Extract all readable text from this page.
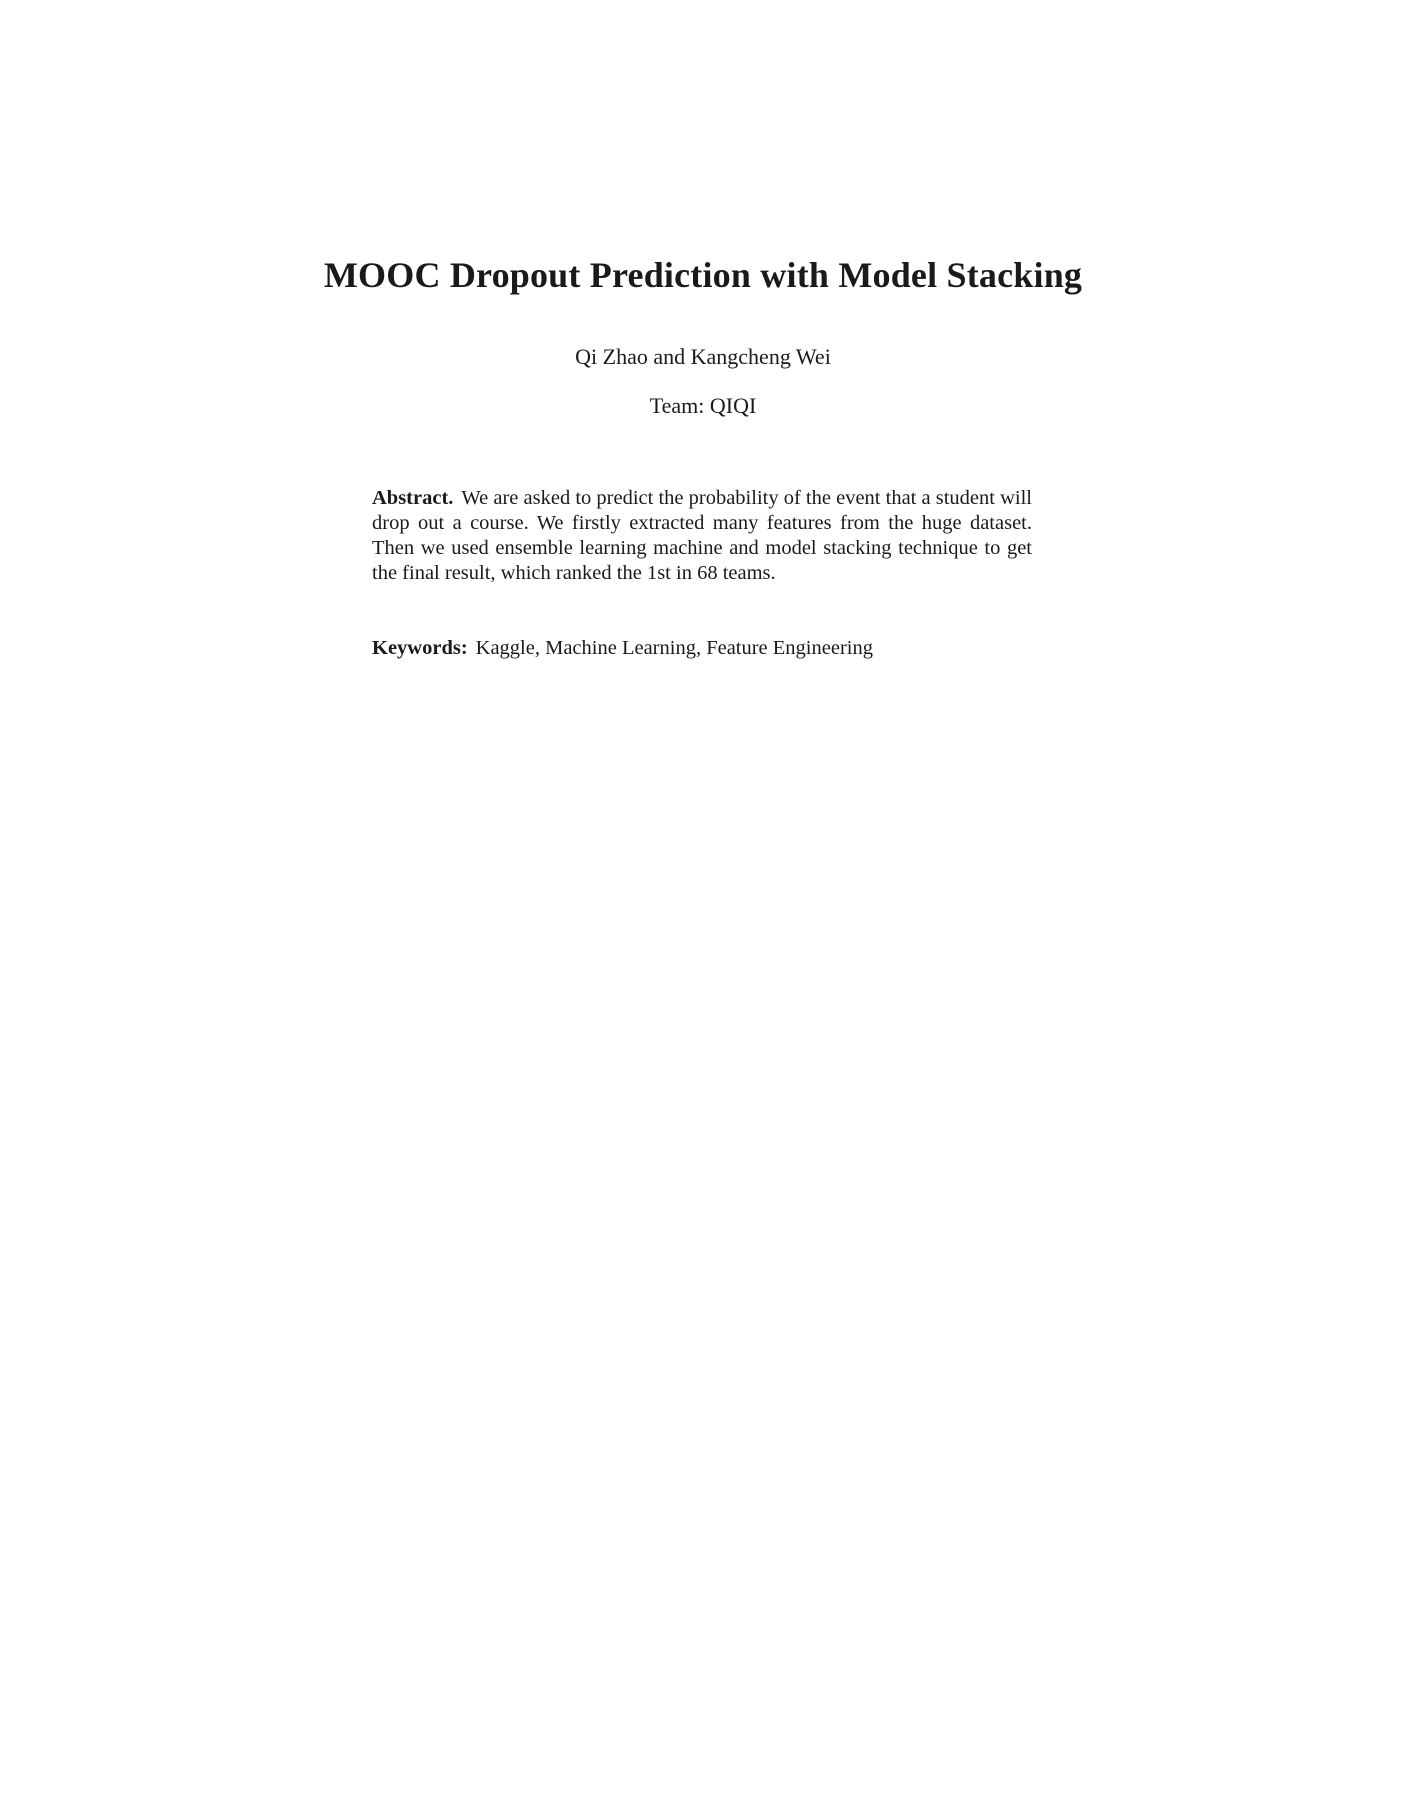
MOOC Dropout Prediction with Model Stacking
Qi Zhao and Kangcheng Wei
Team: QIQI
Abstract. We are asked to predict the probability of the event that a student will drop out a course. We firstly extracted many features from the huge dataset. Then we used ensemble learning machine and model stacking technique to get the final result, which ranked the 1st in 68 teams.
Keywords: Kaggle, Machine Learning, Feature Engineering
